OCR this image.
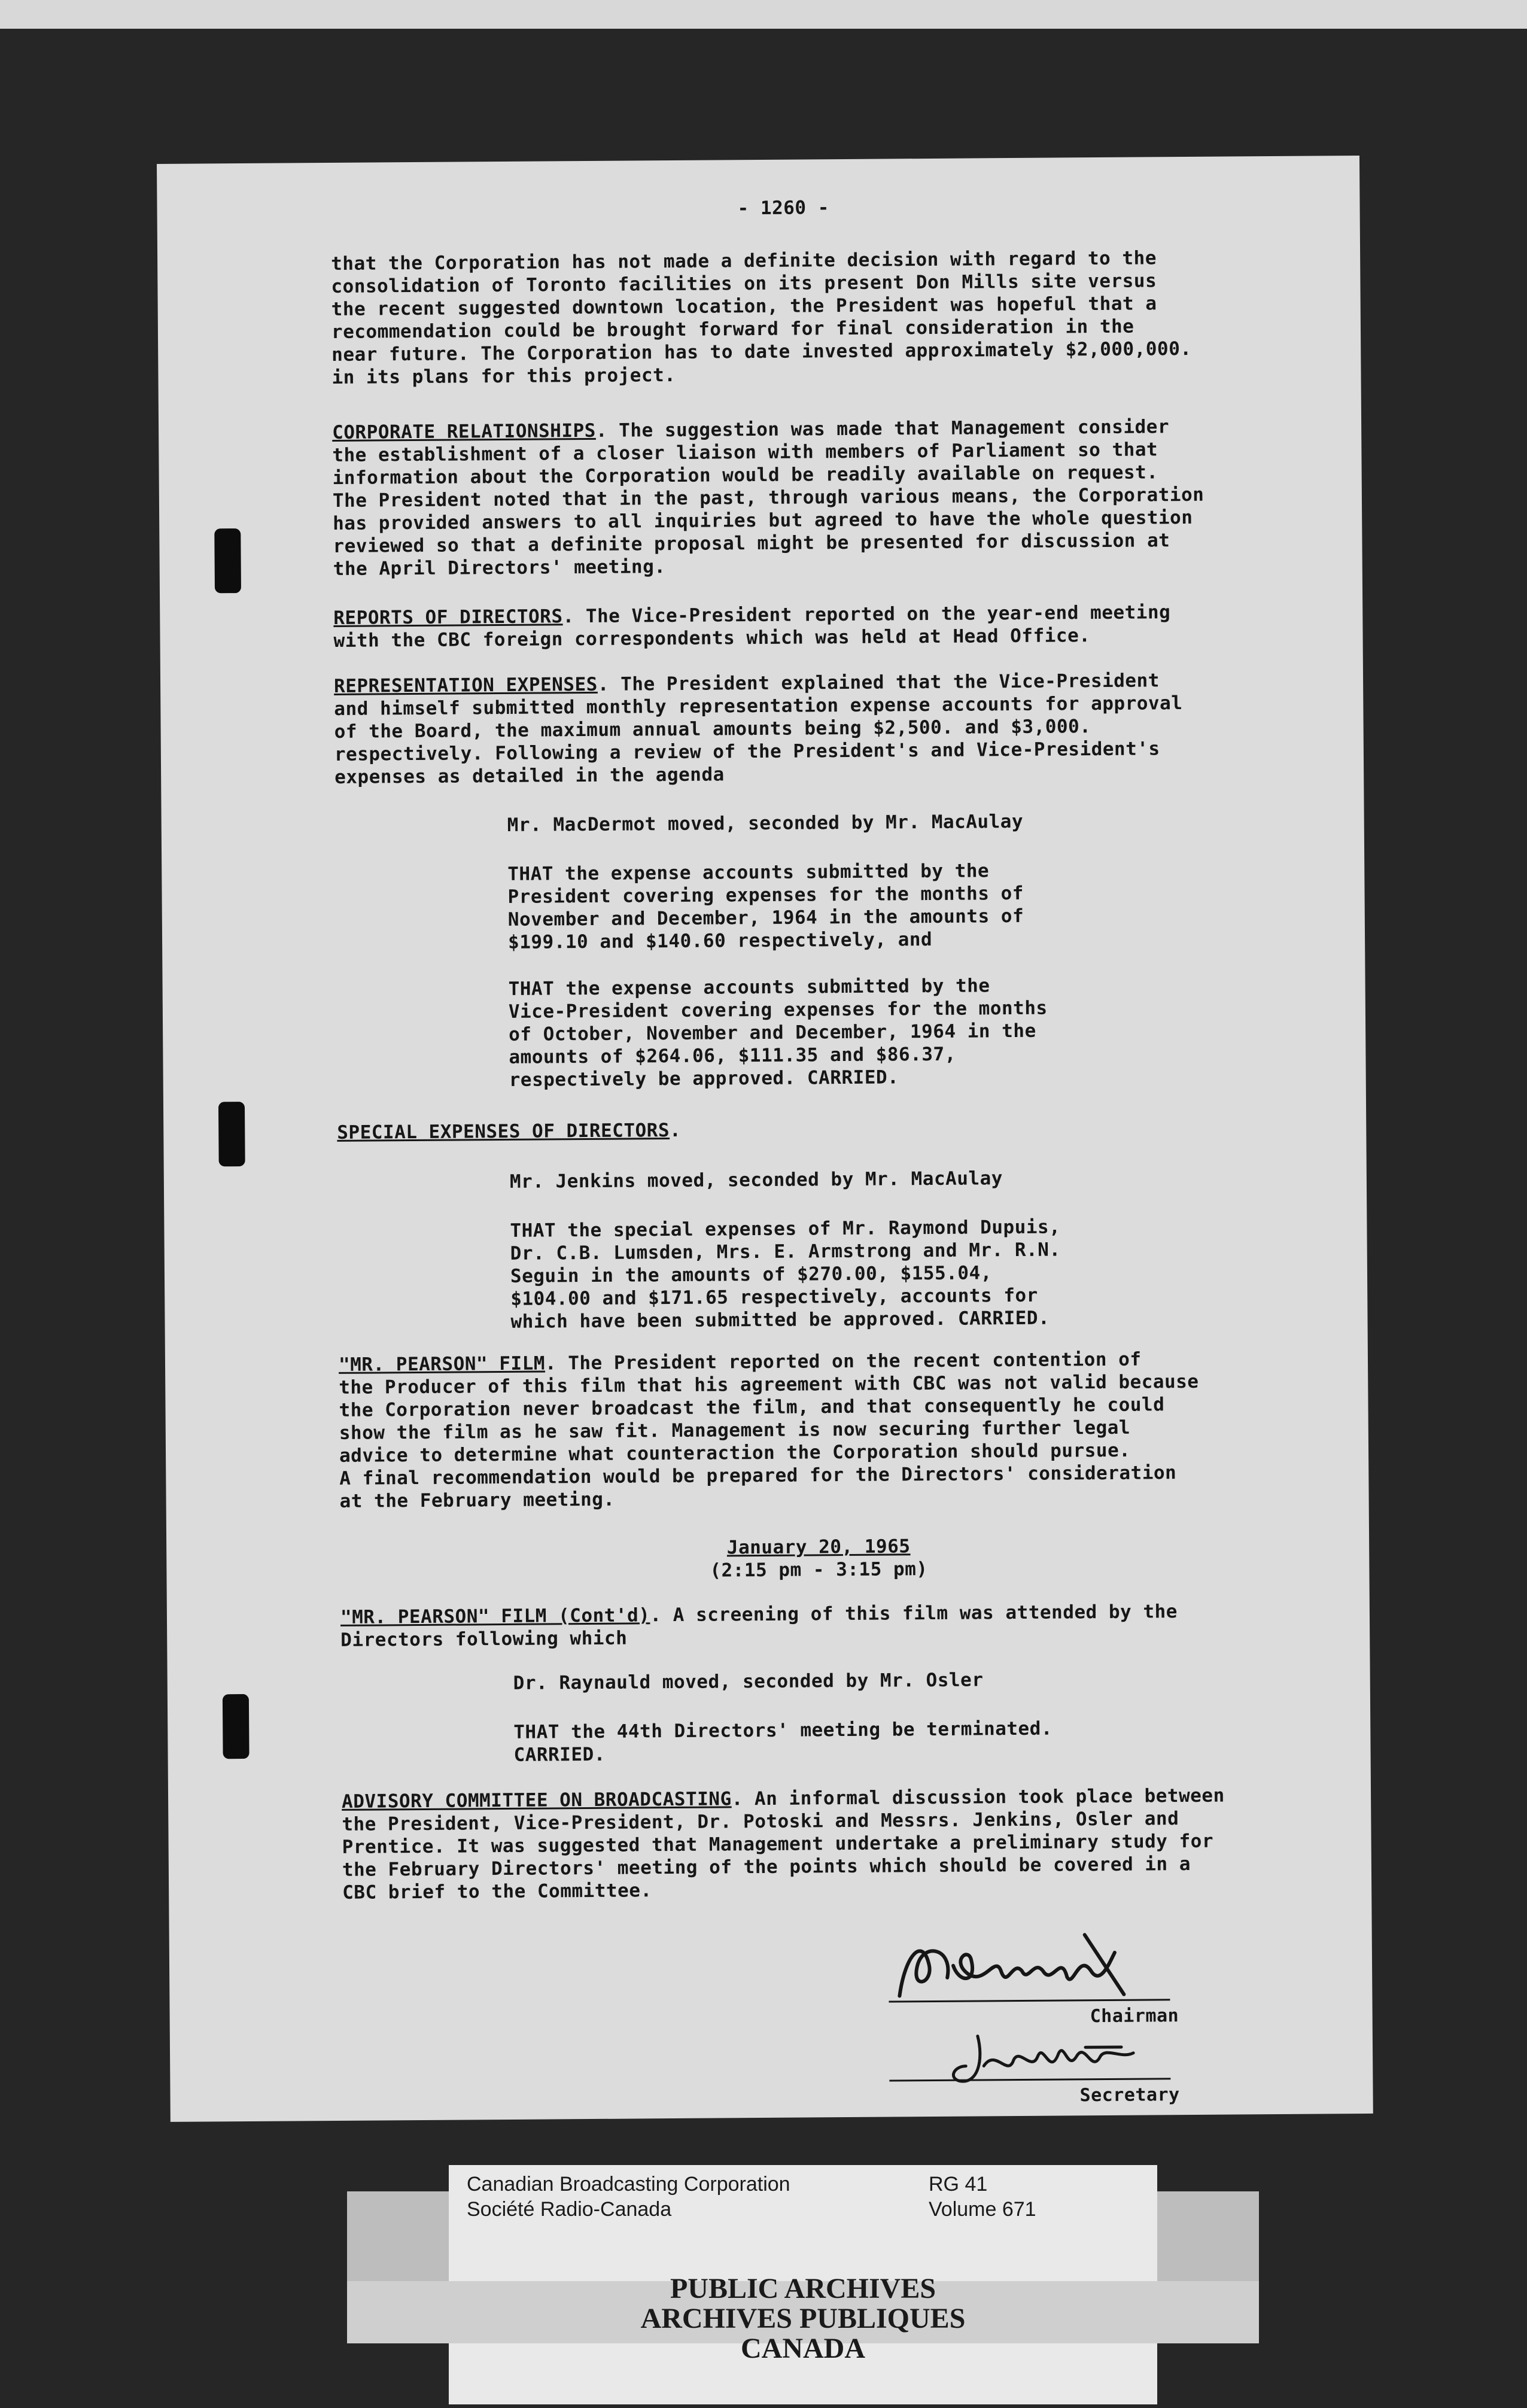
- 1260 -
that the Corporation has not made a definite decision with regard to the
consolidation of Toronto facilities on its present Don Mills site versus
the recent suggested downtown location, the President was hopeful that a
recommendation could be brought forward for final consideration in the
near future. The Corporation has to date invested approximately $2,000,000.
in its plans for this project.
CORPORATE RELATIONSHIPS. The suggestion was made that Management consider
the establishment of a closer liaison with members of Parliament so that
information about the Corporation would be readily available on request.
The President noted that in the past, through various means, the Corporation
has provided answers to all inquiries but agreed to have the whole question
reviewed so that a definite proposal might be presented for discussion at
the April Directors' meeting.
REPORTS OF DIRECTORS. The Vice-President reported on the year-end meeting
with the CBC foreign correspondents which was held at Head Office.
REPRESENTATION EXPENSES. The President explained that the Vice-President
and himself submitted monthly representation expense accounts for approval
of the Board, the maximum annual amounts being $2,500. and $3,000.
respectively. Following a review of the President's and Vice-President's
expenses as detailed in the agenda
Mr. MacDermot moved, seconded by Mr. MacAulay
THAT the expense accounts submitted by the
President covering expenses for the months of
November and December, 1964 in the amounts of
$199.10 and $140.60 respectively, and
THAT the expense accounts submitted by the
Vice-President covering expenses for the months
of October, November and December, 1964 in the
amounts of $264.06, $111.35 and $86.37,
respectively be approved. CARRIED.
SPECIAL EXPENSES OF DIRECTORS.
Mr. Jenkins moved, seconded by Mr. MacAulay
THAT the special expenses of Mr. Raymond Dupuis,
Dr. C.B. Lumsden, Mrs. E. Armstrong and Mr. R.N.
Seguin in the amounts of $270.00, $155.04,
$104.00 and $171.65 respectively, accounts for
which have been submitted be approved. CARRIED.
"MR. PEARSON" FILM. The President reported on the recent contention of
the Producer of this film that his agreement with CBC was not valid because
the Corporation never broadcast the film, and that consequently he could
show the film as he saw fit. Management is now securing further legal
advice to determine what counteraction the Corporation should pursue.
A final recommendation would be prepared for the Directors' consideration
at the February meeting.
January 20, 1965
(2:15 pm - 3:15 pm)
"MR. PEARSON" FILM (Cont'd). A screening of this film was attended by the
Directors following which
Dr. Raynauld moved, seconded by Mr. Osler
THAT the 44th Directors' meeting be terminated.
CARRIED.
ADVISORY COMMITTEE ON BROADCASTING. An informal discussion took place between
the President, Vice-President, Dr. Potoski and Messrs. Jenkins, Osler and
Prentice. It was suggested that Management undertake a preliminary study for
the February Directors' meeting of the points which should be covered in a
CBC brief to the Committee.
Chairman
Secretary
Canadian Broadcasting Corporation
Société Radio-Canada
RG 41
Volume 671
PUBLIC ARCHIVES
ARCHIVES PUBLIQUES
CANADA
